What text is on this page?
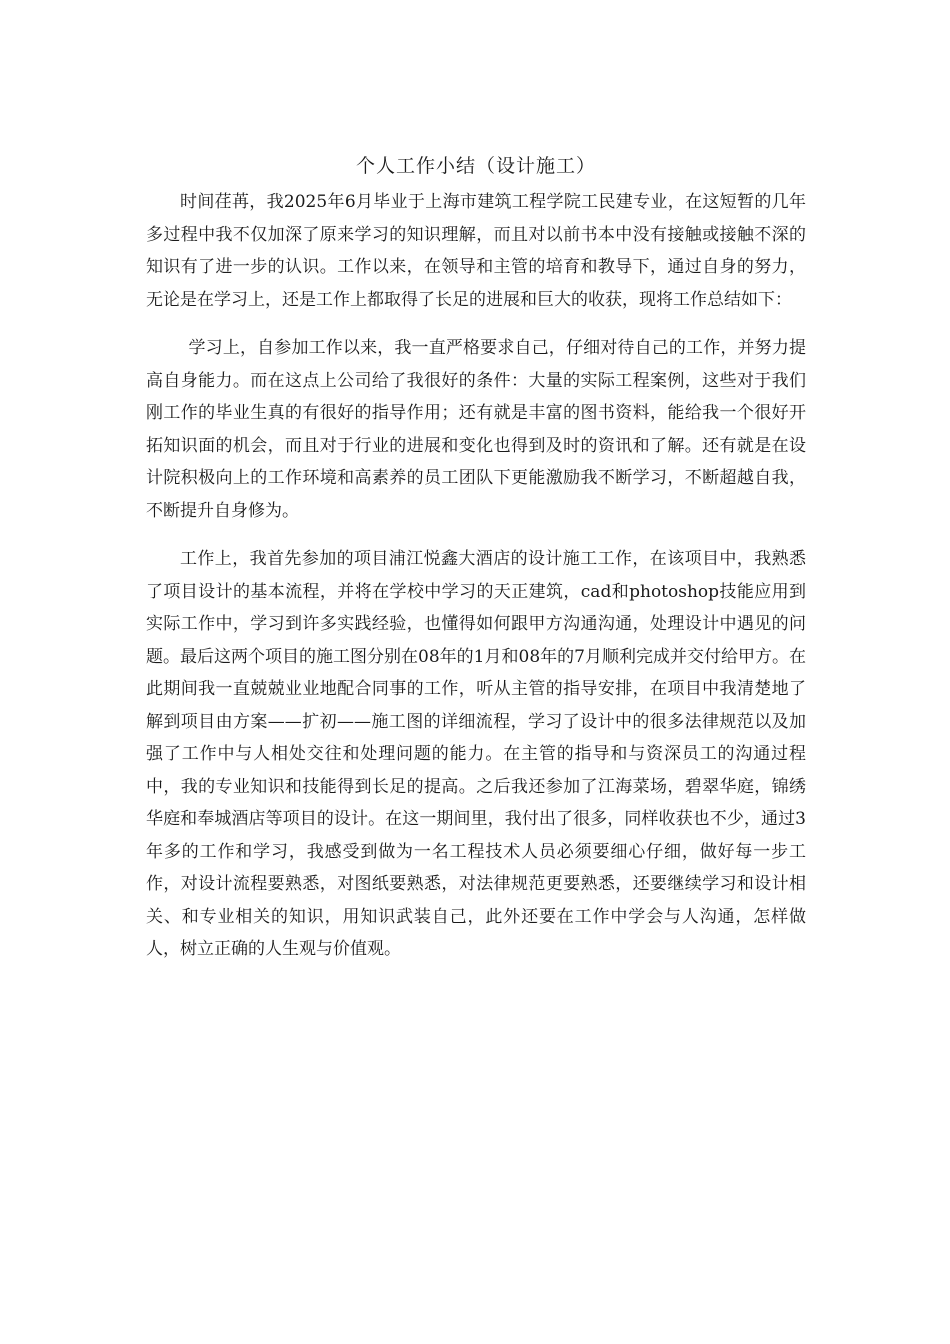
个人工作小结（设计施工）

时间荏苒，我2025年6月毕业于上海市建筑工程学院工民建专业，在这短暂的几年多过程中我不仅加深了原来学习的知识理解，而且对以前书本中没有接触或接触不深的知识有了进一步的认识。工作以来，在领导和主管的培育和教导下，通过自身的努力，无论是在学习上，还是工作上都取得了长足的进展和巨大的收获，现将工作总结如下：

学习上，自参加工作以来，我一直严格要求自己，仔细对待自己的工作，并努力提高自身能力。而在这点上公司给了我很好的条件：大量的实际工程案例，这些对于我们刚工作的毕业生真的有很好的指导作用；还有就是丰富的图书资料，能给我一个很好开拓知识面的机会，而且对于行业的进展和变化也得到及时的资讯和了解。还有就是在设计院积极向上的工作环境和高素养的员工团队下更能激励我不断学习，不断超越自我，不断提升自身修为。

工作上，我首先参加的项目浦江悦鑫大酒店的设计施工工作，在该项目中，我熟悉了项目设计的基本流程，并将在学校中学习的天正建筑，cad和photoshop技能应用到实际工作中，学习到许多实践经验，也懂得如何跟甲方沟通沟通，处理设计中遇见的问题。最后这两个项目的施工图分别在08年的1月和08年的7月顺利完成并交付给甲方。在此期间我一直兢兢业业地配合同事的工作，听从主管的指导安排，在项目中我清楚地了解到项目由方案——扩初——施工图的详细流程，学习了设计中的很多法律规范以及加强了工作中与人相处交往和处理问题的能力。在主管的指导和与资深员工的沟通过程中，我的专业知识和技能得到长足的提高。之后我还参加了江海菜场，碧翠华庭，锦绣华庭和奉城酒店等项目的设计。在这一期间里，我付出了很多，同样收获也不少，通过3年多的工作和学习，我感受到做为一名工程技术人员必须要细心仔细，做好每一步工作，对设计流程要熟悉，对图纸要熟悉，对法律规范更要熟悉，还要继续学习和设计相关、和专业相关的知识，用知识武装自己，此外还要在工作中学会与人沟通，怎样做人，树立正确的人生观与价值观。
